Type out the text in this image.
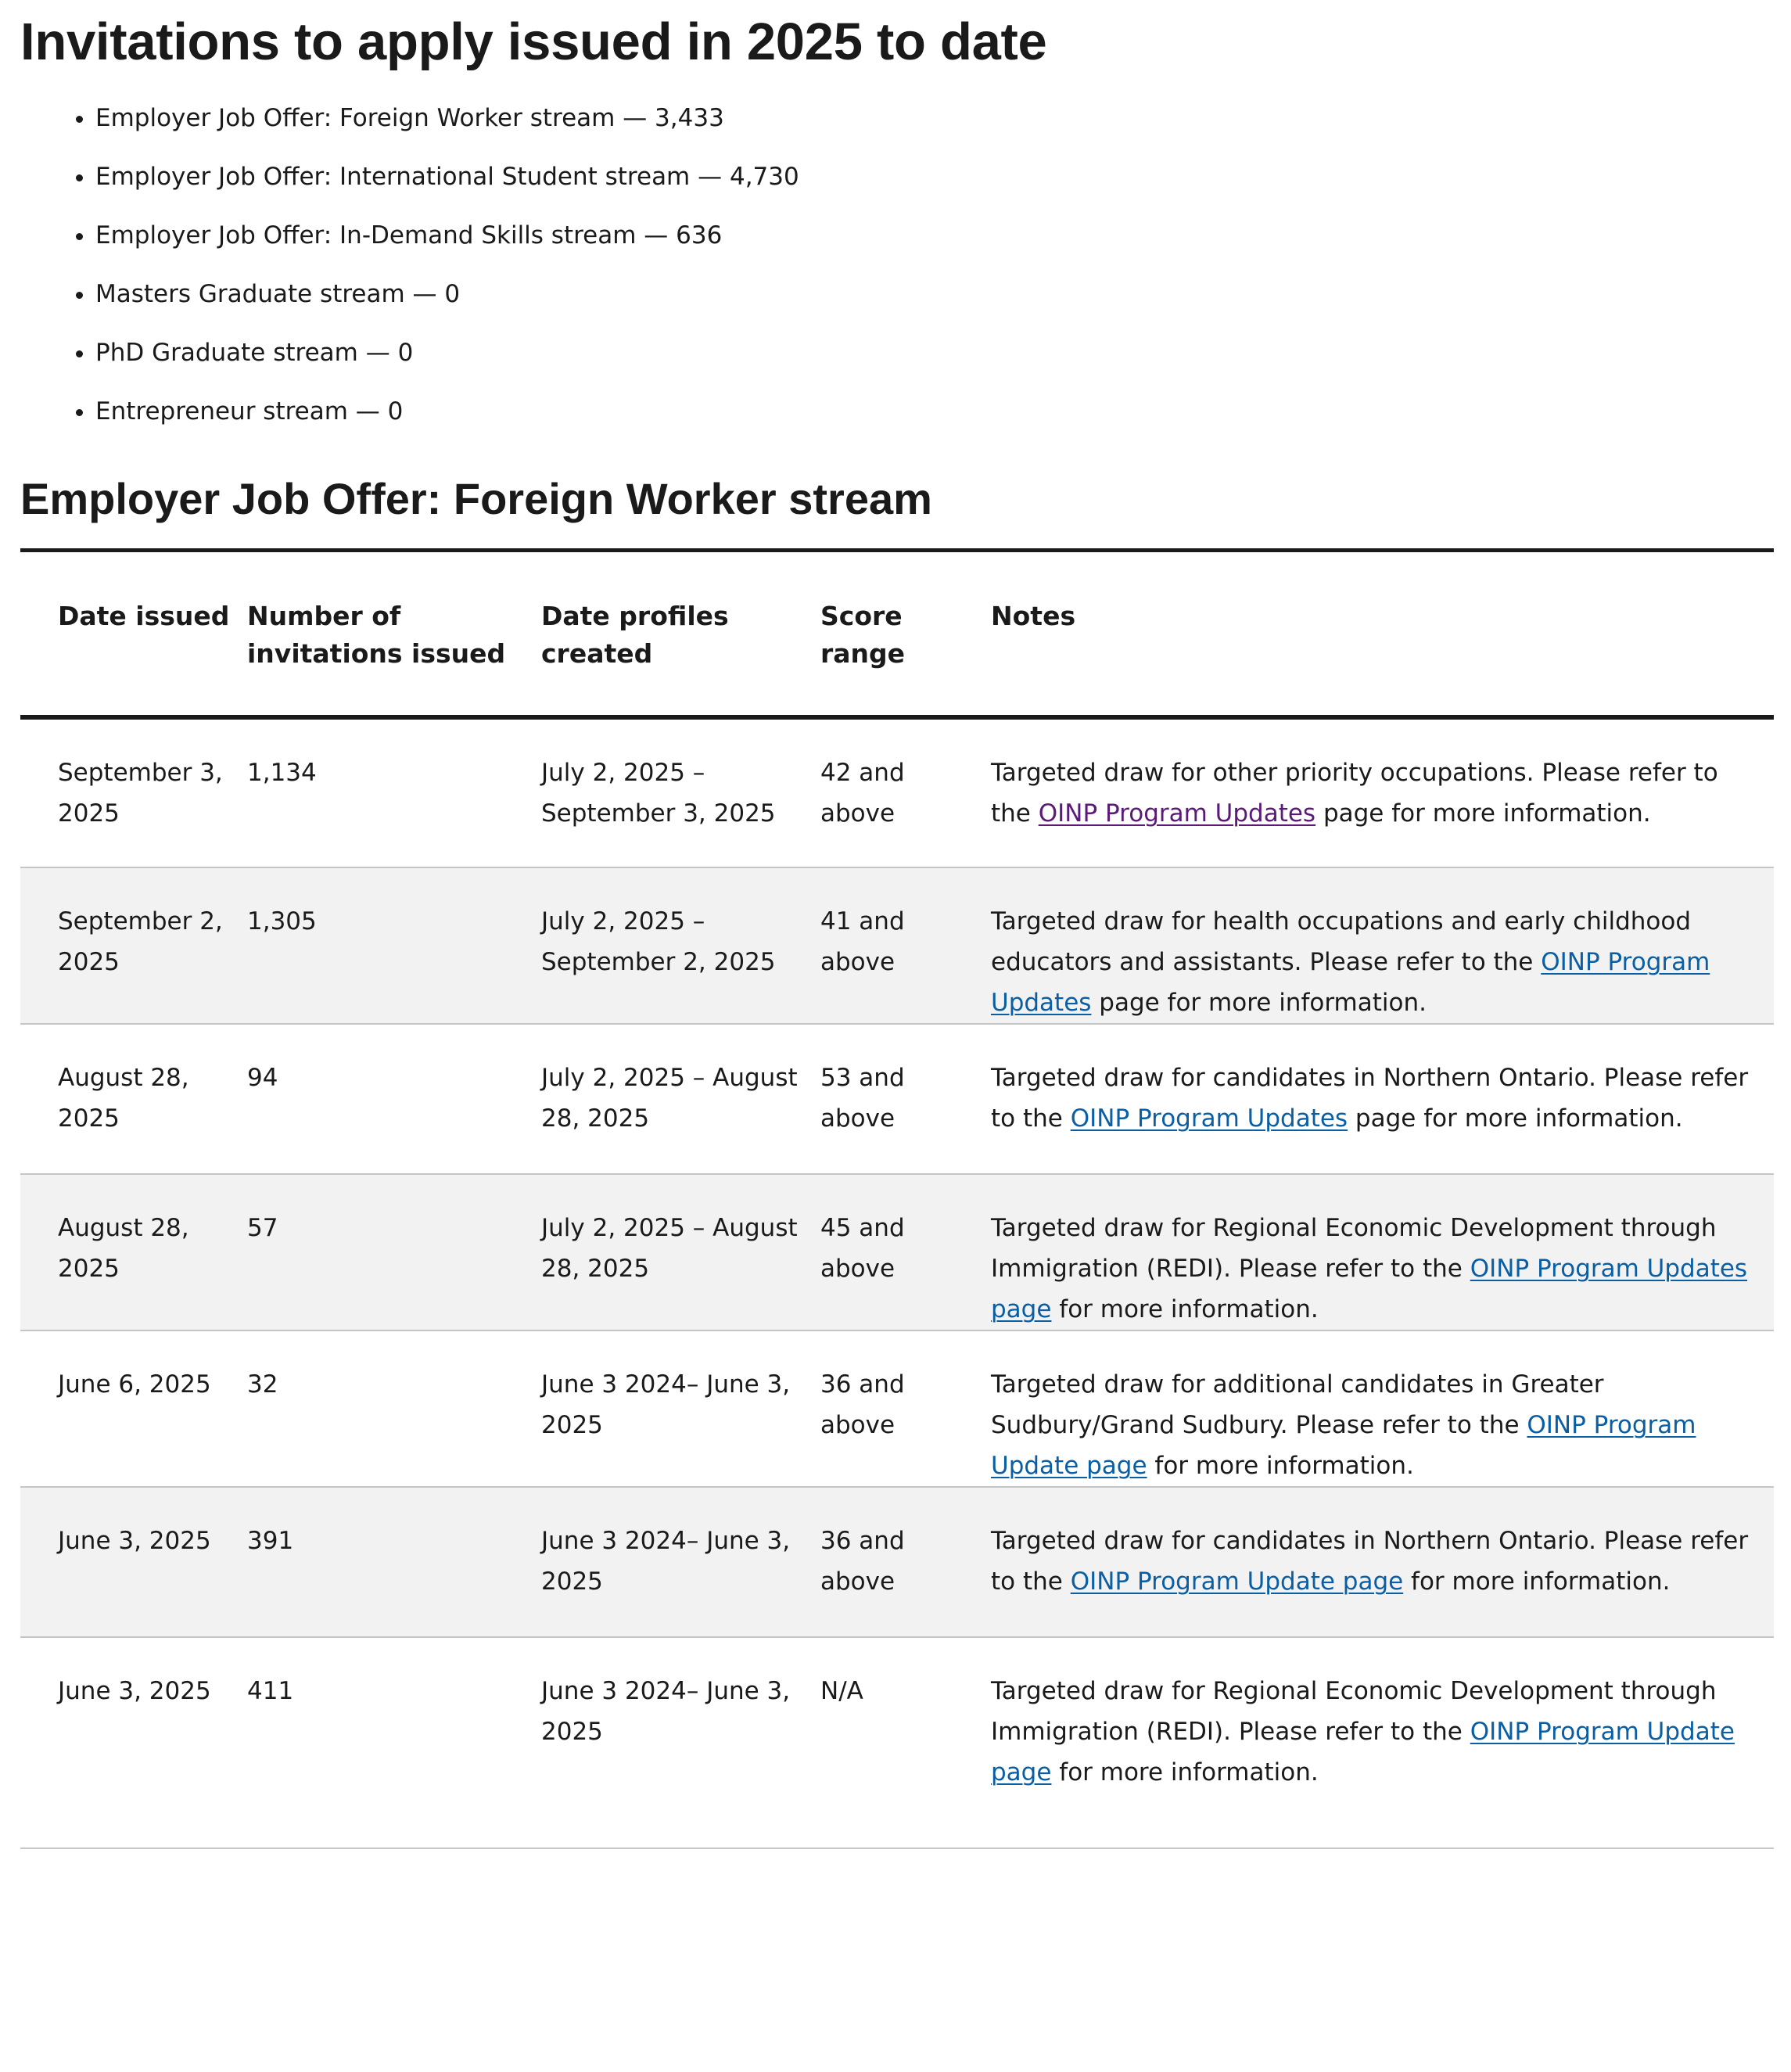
Invitations to apply issued in 2025 to date
• Employer Job Offer: Foreign Worker stream — 3,433
• Employer Job Offer: International Student stream — 4,730
• Employer Job Offer: In-Demand Skills stream — 636
• Masters Graduate stream — 0
• PhD Graduate stream — 0
• Entrepreneur stream — 0
Employer Job Offer: Foreign Worker stream
Date issued	Number of invitations issued	Date profiles created	Score range	Notes
September 3, 2025	1,134	July 2, 2025 – September 3, 2025	42 and above	Targeted draw for other priority occupations. Please refer to the OINP Program Updates page for more information.
September 2, 2025	1,305	July 2, 2025 – September 2, 2025	41 and above	Targeted draw for health occupations and early childhood educators and assistants. Please refer to the OINP Program Updates page for more information.
August 28, 2025	94	July 2, 2025 – August 28, 2025	53 and above	Targeted draw for candidates in Northern Ontario. Please refer to the OINP Program Updates page for more information.
August 28, 2025	57	July 2, 2025 – August 28, 2025	45 and above	Targeted draw for Regional Economic Development through Immigration (REDI). Please refer to the OINP Program Updates page for more information.
June 6, 2025	32	June 3 2024– June 3, 2025	36 and above	Targeted draw for additional candidates in Greater Sudbury/Grand Sudbury. Please refer to the OINP Program Update page for more information.
June 3, 2025	391	June 3 2024– June 3, 2025	36 and above	Targeted draw for candidates in Northern Ontario. Please refer to the OINP Program Update page for more information.
June 3, 2025	411	June 3 2024– June 3, 2025	N/A	Targeted draw for Regional Economic Development through Immigration (REDI). Please refer to the OINP Program Update page for more information.
